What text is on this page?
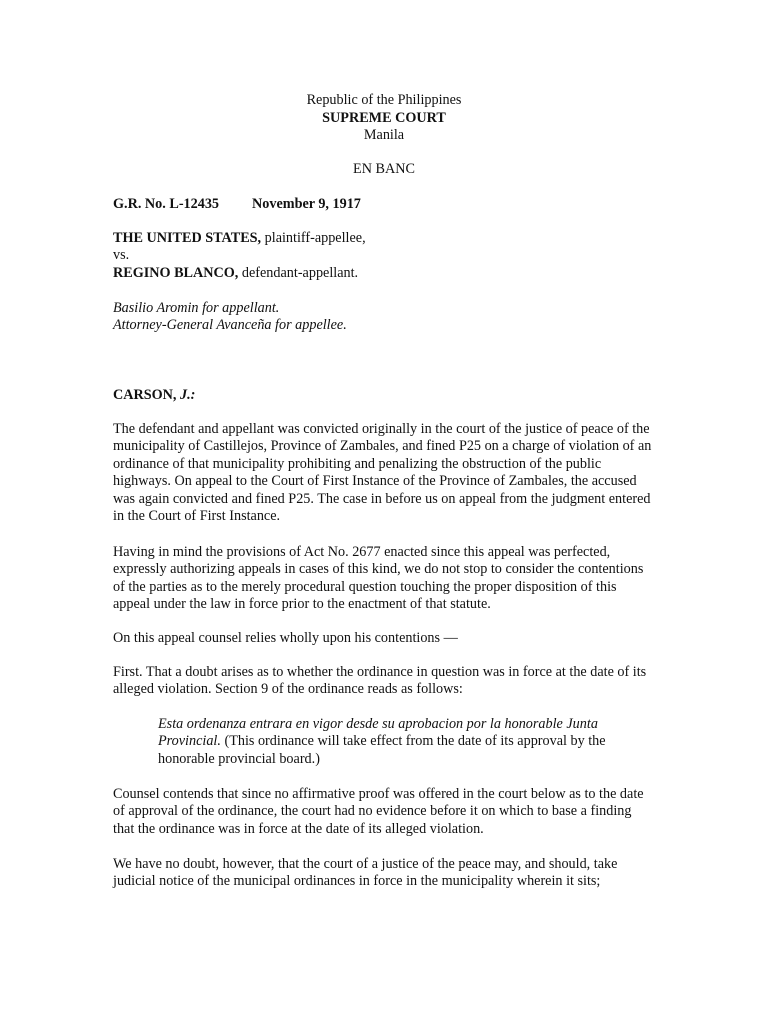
Republic of the Philippines
SUPREME COURT
Manila
EN BANC
G.R. No. L-12435 November 9, 1917
THE UNITED STATES, plaintiff-appellee,
vs.
REGINO BLANCO, defendant-appellant.
Basilio Aromin for appellant.
Attorney-General Avanceña for appellee.
CARSON, J.:
The defendant and appellant was convicted originally in the court of the justice of peace of the municipality of Castillejos, Province of Zambales, and fined P25 on a charge of violation of an ordinance of that municipality prohibiting and penalizing the obstruction of the public highways. On appeal to the Court of First Instance of the Province of Zambales, the accused was again convicted and fined P25. The case in before us on appeal from the judgment entered in the Court of First Instance.
Having in mind the provisions of Act No. 2677 enacted since this appeal was perfected, expressly authorizing appeals in cases of this kind, we do not stop to consider the contentions of the parties as to the merely procedural question touching the proper disposition of this appeal under the law in force prior to the enactment of that statute.
On this appeal counsel relies wholly upon his contentions —
First. That a doubt arises as to whether the ordinance in question was in force at the date of its alleged violation. Section 9 of the ordinance reads as follows:
Esta ordenanza entrara en vigor desde su aprobacion por la honorable Junta Provincial. (This ordinance will take effect from the date of its approval by the honorable provincial board.)
Counsel contends that since no affirmative proof was offered in the court below as to the date of approval of the ordinance, the court had no evidence before it on which to base a finding that the ordinance was in force at the date of its alleged violation.
We have no doubt, however, that the court of a justice of the peace may, and should, take judicial notice of the municipal ordinances in force in the municipality wherein it sits;
